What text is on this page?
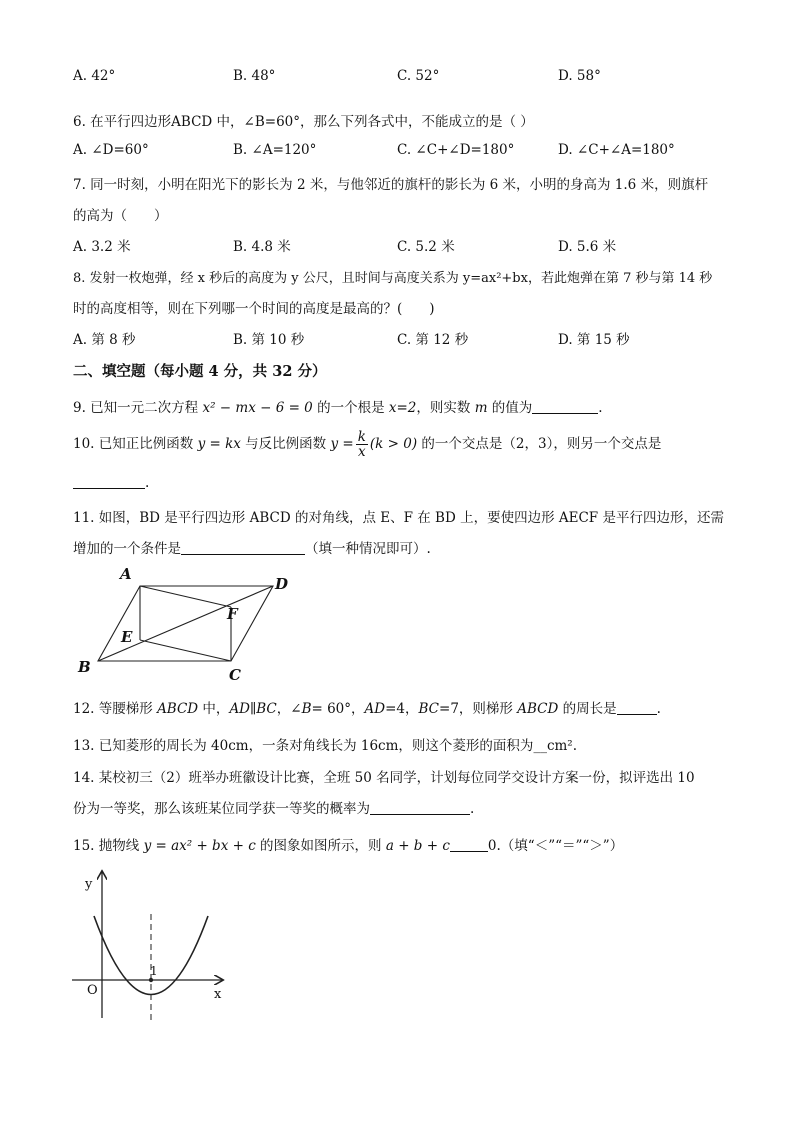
A. 42°	B. 48°	C. 52°	D. 58°
6. 在平行四边形ABCD 中，∠B=60°，那么下列各式中，不能成立的是（ ）
A. ∠D=60°	B. ∠A=120°	C. ∠C+∠D=180°	D. ∠C+∠A=180°
7. 同一时刻，小明在阳光下的影长为 2 米，与他邻近的旗杆的影长为 6 米，小明的身高为 1.6 米，则旗杆
的高为（　　）
A. 3.2 米	B. 4.8 米	C. 5.2 米	D. 5.6 米
8. 发射一枚炮弹，经 x 秒后的高度为 y 公尺，且时间与高度关系为 y=ax²+bx，若此炮弹在第 7 秒与第 14 秒
时的高度相等，则在下列哪一个时间的高度是最高的？(　　)
A. 第 8 秒	B. 第 10 秒	C. 第 12 秒	D. 第 15 秒
二、填空题（每小题 4 分，共 32 分）
9. 已知一元二次方程 x² − mx − 6 = 0 的一个根是 x=2，则实数 m 的值为	.
10. 已知正比例函数 y = kx 与反比例函数 $y = \frac{k}{x} (k > 0)$ 的一个交点是（2，3），则另一个交点是
.
11. 如图，BD 是平行四边形 ABCD 的对角线，点 E、F 在 BD 上，要使四边形 AECF 是平行四边形，还需
增加的一个条件是	（填一种情况即可）.
A
D
B	C
E
F
12. 等腰梯形 ABCD 中，AD∥BC，∠B= 60°，AD=4，BC=7，则梯形 ABCD 的周长是	.
13. 已知菱形的周长为 40cm，一条对角线长为 16cm，则这个菱形的面积为__cm².
14. 某校初三（2）班举办班徽设计比赛，全班 50 名同学，计划每位同学交设计方案一份，拟评选出 10
份为一等奖，那么该班某位同学获一等奖的概率为	.
15. 抛物线 y = ax² + bx + c 的图象如图所示，则 a + b + c	0.（填“＜”“＝”“＞”）
y
x
O
1
